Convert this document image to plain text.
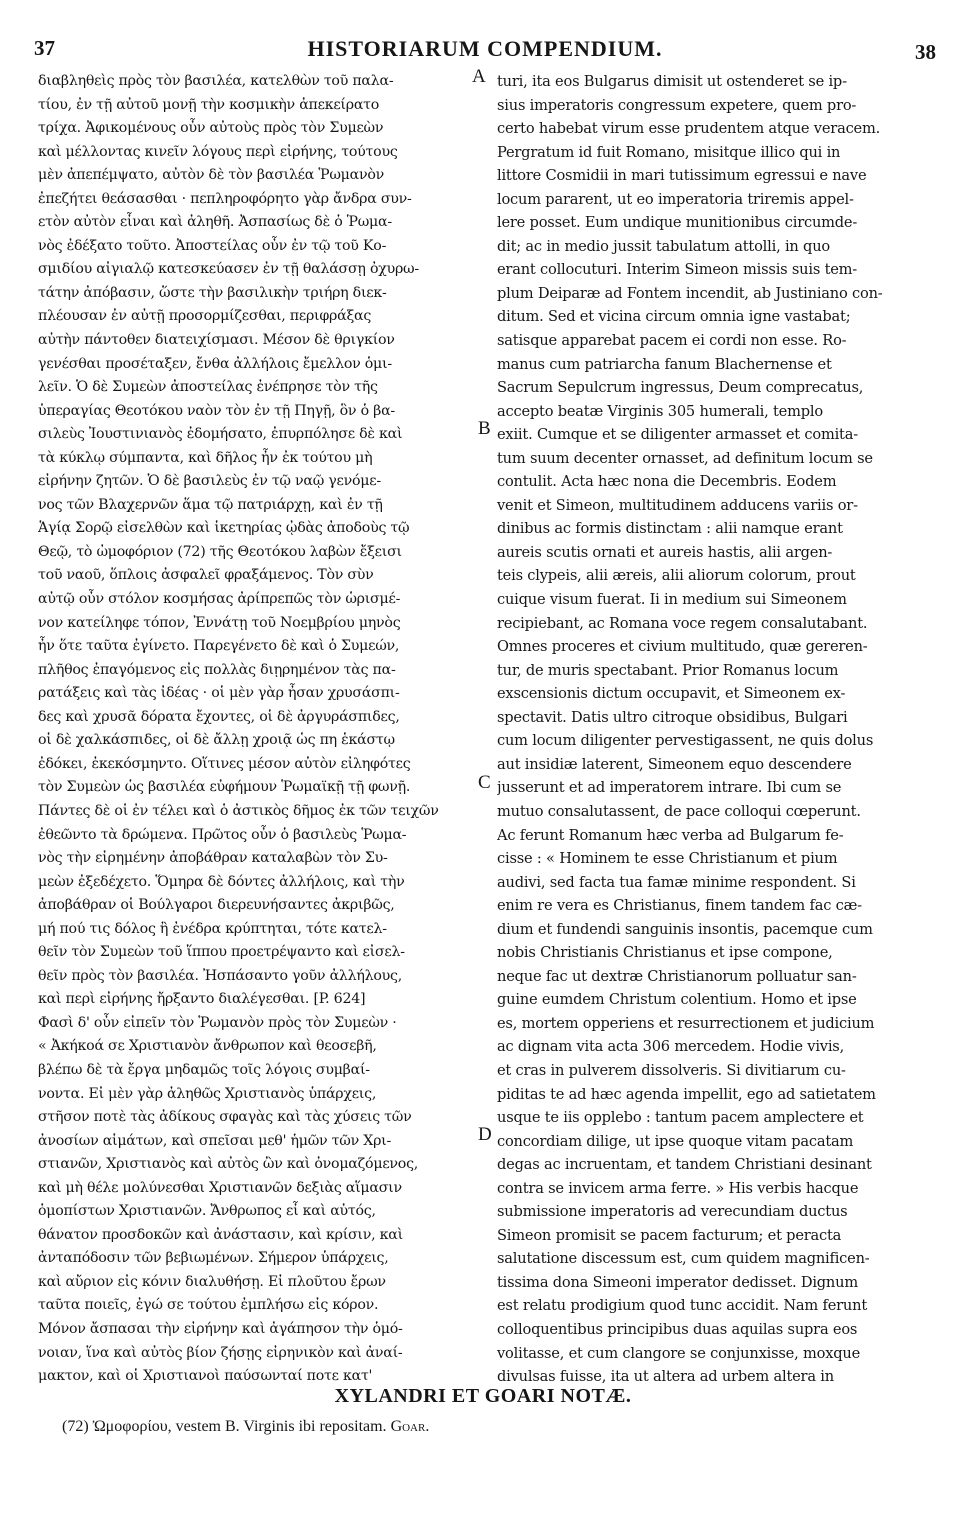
37	HISTORIARUM COMPENDIUM.	38
διαβληθεὶς πρὸς τὸν βασιλέα, κατελθὼν τοῦ παλα-
τίου, ἐν τῇ αὐτοῦ μονῇ τὴν κοσμικὴν ἀπεκείρατο
τρίχα. Ἀφικομένους οὖν αὐτοὺς πρὸς τὸν Συμεὼν
καὶ μέλλοντας κινεῖν λόγους περὶ εἰρήνης, τούτους
μὲν ἀπεπέμψατο, αὐτὸν δὲ τὸν βασιλέα Ῥωμανὸν
ἐπεζήτει θεάσασθαι · πεπληροφόρητο γὰρ ἄνδρα συν-
ετὸν αὐτὸν εἶναι καὶ ἀληθῆ. Ἀσπασίως δὲ ὁ Ῥωμα-
νὸς ἐδέξατο τοῦτο. Ἀποστείλας οὖν ἐν τῷ τοῦ Κο-
σμιδίου αἰγιαλῷ κατεσκεύασεν ἐν τῇ θαλάσσῃ ὀχυρω-
τάτην ἀπόβασιν, ὥστε τὴν βασιλικὴν τριήρη διεκ-
πλέουσαν ἐν αὐτῇ προσορμίζεσθαι, περιφράξας
αὐτὴν πάντοθεν διατειχίσμασι. Μέσον δὲ θριγκίον
γενέσθαι προσέταξεν, ἔνθα ἀλλήλοις ἔμελλον ὁμι-
λεῖν. Ὁ δὲ Συμεὼν ἀποστείλας ἐνέπρησε τὸν τῆς
ὑπεραγίας Θεοτόκου ναὸν τὸν ἐν τῇ Πηγῇ, ὃν ὁ βα-
σιλεὺς Ἰουστινιανὸς ἐδομήσατο, ἐπυρπόλησε δὲ καὶ
τὰ κύκλῳ σύμπαντα, καὶ δῆλος ἦν ἐκ τούτου μὴ
εἰρήνην ζητῶν. Ὁ δὲ βασιλεὺς ἐν τῷ ναῷ γενόμε-
νος τῶν Βλαχερνῶν ἅμα τῷ πατριάρχῃ, καὶ ἐν τῇ
Ἁγίᾳ Σορῷ εἰσελθὼν καὶ ἱκετηρίας ᾠδὰς ἀποδοὺς τῷ
Θεῷ, τὸ ὠμοφόριον (72) τῆς Θεοτόκου λαβὼν ἔξεισι
τοῦ ναοῦ, ὅπλοις ἀσφαλεῖ φραξάμενος. Τὸν σὺν
αὐτῷ οὖν στόλον κοσμήσας ἀρίπρεπῶς τὸν ὡρισμέ-
νον κατείληφε τόπον, Ἐννάτῃ τοῦ Νοεμβρίου μηνὸς
ἦν ὅτε ταῦτα ἐγίνετο. Παρεγένετο δὲ καὶ ὁ Συμεών,
πλῆθος ἐπαγόμενος εἰς πολλὰς διῃρημένον τὰς πα-
ρατάξεις καὶ τὰς ἰδέας · οἱ μὲν γὰρ ἦσαν χρυσάσπι-
δες καὶ χρυσᾶ δόρατα ἔχοντες, οἱ δὲ ἀργυράσπιδες,
οἱ δὲ χαλκάσπιδες, οἱ δὲ ἄλλῃ χροιᾷ ὡς πη ἑκάστῳ
ἐδόκει, ἐκεκόσμηντο. Οἵτινες μέσον αὐτὸν εἰληφότες
τὸν Συμεὼν ὡς βασιλέα εὐφήμουν Ῥωμαϊκῇ τῇ φωνῇ.
Πάντες δὲ οἱ ἐν τέλει καὶ ὁ ἀστικὸς δῆμος ἐκ τῶν τειχῶν
ἐθεῶντο τὰ δρώμενα. Πρῶτος οὖν ὁ βασιλεὺς Ῥωμα-
νὸς τὴν εἰρημένην ἀποβάθραν καταλαβὼν τὸν Συ-
μεὼν ἐξεδέχετο. Ὅμηρα δὲ δόντες ἀλλήλοις, καὶ τὴν
ἀποβάθραν οἱ Βούλγαροι διερευνήσαντες ἀκριβῶς,
μή πού τις δόλος ἢ ἐνέδρα κρύπτηται, τότε κατελ-
θεῖν τὸν Συμεὼν τοῦ ἵππου προετρέψαντο καὶ εἰσελ-
θεῖν πρὸς τὸν βασιλέα. Ἠσπάσαντο γοῦν ἀλλήλους,
καὶ περὶ εἰρήνης ἤρξαντο διαλέγεσθαι. [P. 624]
Φασὶ δ' οὖν εἰπεῖν τὸν Ῥωμανὸν πρὸς τὸν Συμεὼν ·
« Ἀκήκοά σε Χριστιανὸν ἄνθρωπον καὶ θεοσεβῆ,
βλέπω δὲ τὰ ἔργα μηδαμῶς τοῖς λόγοις συμβαί-
νοντα. Εἰ μὲν γὰρ ἀληθῶς Χριστιανὸς ὑπάρχεις,
στῆσον ποτὲ τὰς ἀδίκους σφαγὰς καὶ τὰς χύσεις τῶν
ἀνοσίων αἱμάτων, καὶ σπεῖσαι μεθ' ἡμῶν τῶν Χρι-
στιανῶν, Χριστιανὸς καὶ αὐτὸς ὢν καὶ ὀνομαζόμενος,
καὶ μὴ θέλε μολύνεσθαι Χριστιανῶν δεξιὰς αἵμασιν
ὁμοπίστων Χριστιανῶν. Ἄνθρωπος εἶ καὶ αὐτός,
θάνατον προσδοκῶν καὶ ἀνάστασιν, καὶ κρίσιν, καὶ
ἀνταπόδοσιν τῶν βεβιωμένων. Σήμερον ὑπάρχεις,
καὶ αὔριον εἰς κόνιν διαλυθήσῃ. Εἰ πλοῦτου ἔρων
ταῦτα ποιεῖς, ἐγώ σε τούτου ἐμπλήσω εἰς κόρον.
Μόνον ἄσπασαι τὴν εἰρήνην καὶ ἀγάπησον τὴν ὁμό-
νοιαν, ἵνα καὶ αὐτὸς βίον ζήσῃς εἰρηνικὸν καὶ ἀναί-
μακτον, καὶ οἱ Χριστιανοὶ παύσωνταί ποτε κατ'
turi, ita eos Bulgarus dimisit ut ostenderet se ip-
sius imperatoris congressum expetere, quem pro-
certo habebat virum esse prudentem atque veracem.
Pergratum id fuit Romano, misitque illico qui in
littore Cosmidii in mari tutissimum egressui e nave
locum pararent, ut eo imperatoria triremis appel-
lere posset. Eum undique munitionibus circumde-
dit; ac in medio jussit tabulatum attolli, in quo
erant collocuturi. Interim Simeon missis suis tem-
plum Deiparæ ad Fontem incendit, ab Justiniano con-
ditum. Sed et vicina circum omnia igne vastabat;
satisque apparebat pacem ei cordi non esse. Ro-
manus cum patriarcha fanum Blachernense et
Sacrum Sepulcrum ingressus, Deum comprecatus,
accepto beatæ Virginis 305 humerali, templo
exiit. Cumque et se diligenter armasset et comita-
tum suum decenter ornasset, ad definitum locum se
contulit. Acta hæc nona die Decembris. Eodem
venit et Simeon, multitudinem adducens variis or-
dinibus ac formis distinctam : alii namque erant
aureis scutis ornati et aureis hastis, alii argen-
teis clypeis, alii æreis, alii aliorum colorum, prout
cuique visum fuerat. Ii in medium sui Simeonem
recipiebant, ac Romana voce regem consalutabant.
Omnes proceres et civium multitudo, quæ gereren-
tur, de muris spectabant. Prior Romanus locum
exscensionis dictum occupavit, et Simeonem ex-
spectavit. Datis ultro citroque obsidibus, Bulgari
cum locum diligenter pervestigassent, ne quis dolus
aut insidiæ laterent, Simeonem equo descendere
jusserunt et ad imperatorem intrare. Ibi cum se
mutuo consalutassent, de pace colloqui cœperunt.
Ac ferunt Romanum hæc verba ad Bulgarum fe-
cisse : « Hominem te esse Christianum et pium
audivi, sed facta tua famæ minime respondent. Si
enim re vera es Christianus, finem tandem fac cæ-
dium et fundendi sanguinis insontis, pacemque cum
nobis Christianis Christianus et ipse compone,
neque fac ut dextræ Christianorum polluatur san-
guine eumdem Christum colentium. Homo et ipse
es, mortem opperiens et resurrectionem et judicium
ac dignam vita acta 306 mercedem. Hodie vivis,
et cras in pulverem dissolveris. Si divitiarum cu-
piditas te ad hæc agenda impellit, ego ad satietatem
usque te iis opplebo : tantum pacem amplectere et
concordiam dilige, ut ipse quoque vitam pacatam
degas ac incruentam, et tandem Christiani desinant
contra se invicem arma ferre. » His verbis hacque
submissione imperatoris ad verecundiam ductus
Simeon promisit se pacem facturum; et peracta
salutatione discessum est, cum quidem magnificen-
tissima dona Simeoni imperator dedisset. Dignum
est relatu prodigium quod tunc accidit. Nam ferunt
colloquentibus principibus duas aquilas supra eos
volitasse, et cum clangore se conjunxisse, moxque
divulsas fuisse, ita ut altera ad urbem altera in
A
B
C
D
XYLANDRI ET GOARI NOTÆ.
(72) Ὠμοφορίου, vestem B. Virginis ibi repositam. Goar.
